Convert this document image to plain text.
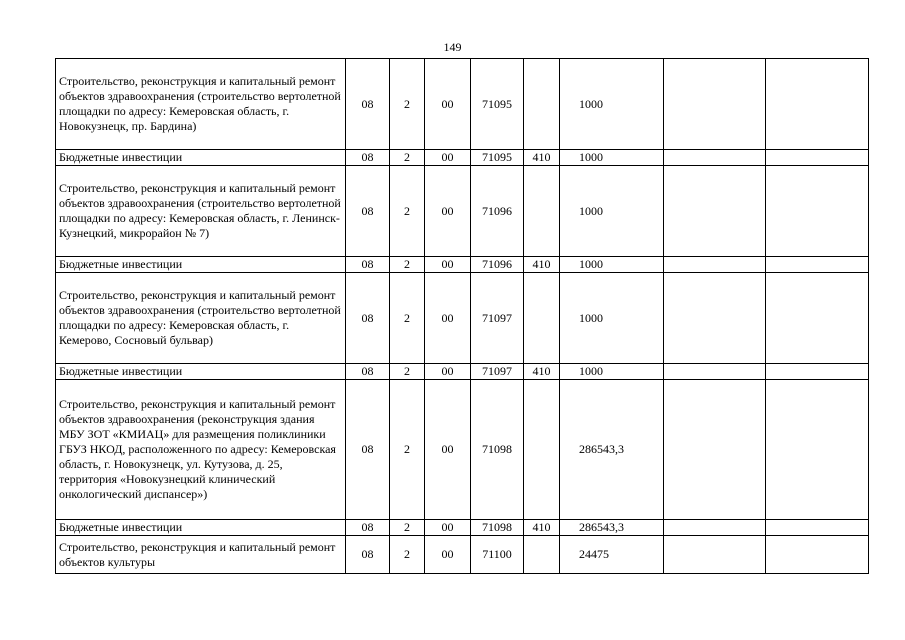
149
Строительство, реконструкция и капитальный ремонт объектов здравоохранения (строительство вертолетной площадки по адресу: Кемеровская область, г. Новокузнецк, пр. Бардина)	08	2	00	71095		1000		
Бюджетные инвестиции	08	2	00	71095	410	1000		
Строительство, реконструкция и капитальный ремонт объектов здравоохранения (строительство вертолетной площадки по адресу: Кемеровская область, г. Ленинск-Кузнецкий, микрорайон № 7)	08	2	00	71096		1000		
Бюджетные инвестиции	08	2	00	71096	410	1000		
Строительство, реконструкция и капитальный ремонт объектов здравоохранения (строительство вертолетной площадки по адресу: Кемеровская область, г. Кемерово, Сосновый бульвар)	08	2	00	71097		1000		
Бюджетные инвестиции	08	2	00	71097	410	1000		
Строительство, реконструкция и капитальный ремонт объектов здравоохранения (реконструкция здания МБУ ЗОТ «КМИАЦ» для размещения поликлиники ГБУЗ НКОД, расположенного по адресу: Кемеровская область, г. Новокузнецк, ул. Кутузова, д. 25, территория «Новокузнецкий клинический онкологический диспансер»)	08	2	00	71098		286543,3		
Бюджетные инвестиции	08	2	00	71098	410	286543,3		
Строительство, реконструкция и капитальный ремонт объектов культуры	08	2	00	71100		24475		
